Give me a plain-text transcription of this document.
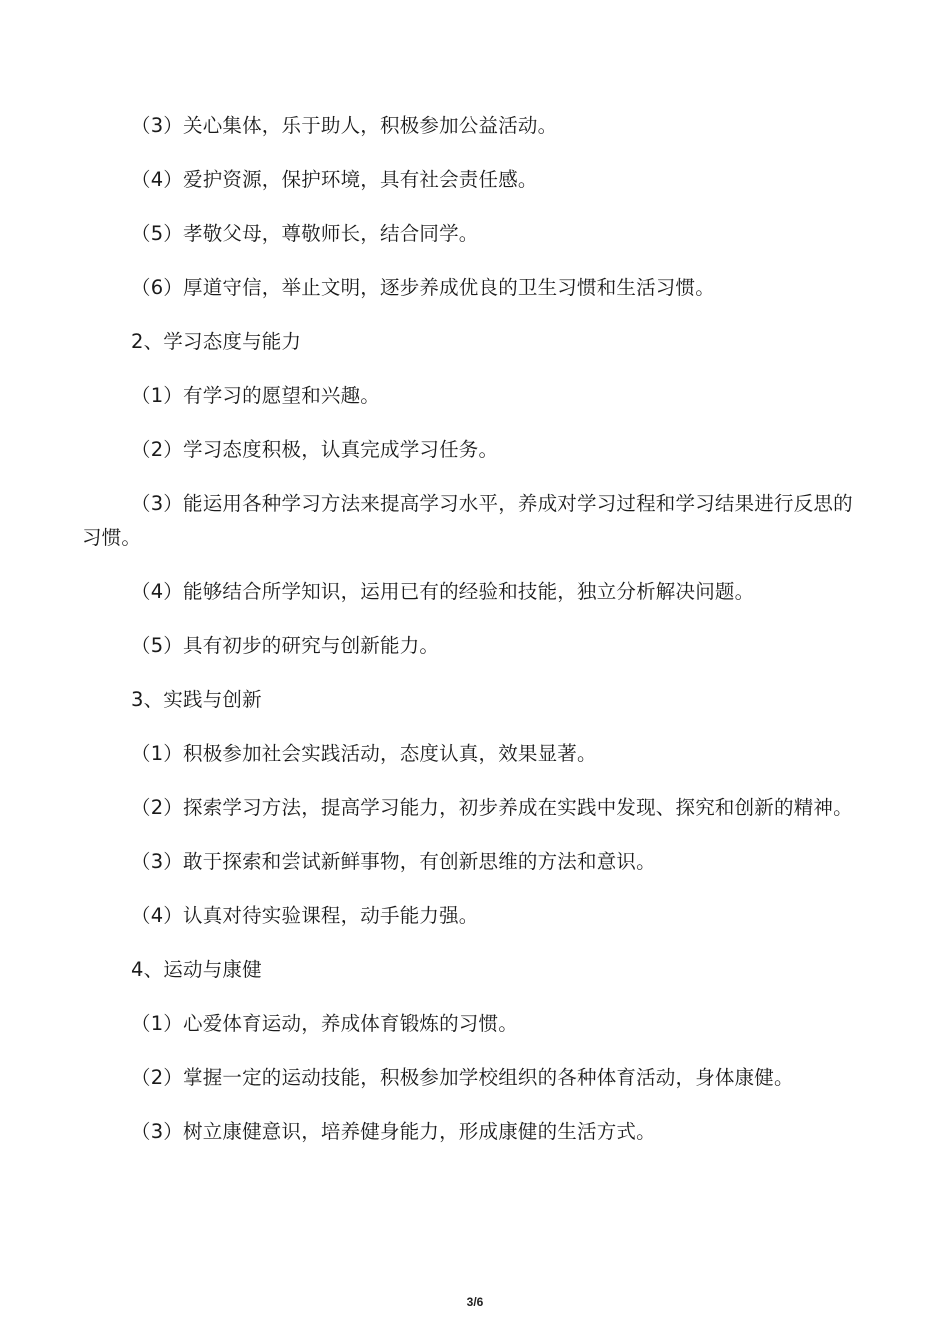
（3）关心集体，乐于助人，积极参加公益活动。

（4）爱护资源，保护环境，具有社会责任感。

（5）孝敬父母，尊敬师长，结合同学。

（6）厚道守信，举止文明，逐步养成优良的卫生习惯和生活习惯。

2、学习态度与能力

（1）有学习的愿望和兴趣。

（2）学习态度积极，认真完成学习任务。

（3）能运用各种学习方法来提高学习水平，养成对学习过程和学习结果进行反思的习惯。

（4）能够结合所学知识，运用已有的经验和技能，独立分析解决问题。

（5）具有初步的研究与创新能力。

3、实践与创新

（1）积极参加社会实践活动，态度认真，效果显著。

（2）探索学习方法，提高学习能力，初步养成在实践中发现、探究和创新的精神。

（3）敢于探索和尝试新鲜事物，有创新思维的方法和意识。

（4）认真对待实验课程，动手能力强。

4、运动与康健

（1）心爱体育运动，养成体育锻炼的习惯。

（2）掌握一定的运动技能，积极参加学校组织的各种体育活动，身体康健。

（3）树立康健意识，培养健身能力，形成康健的生活方式。

3/6
